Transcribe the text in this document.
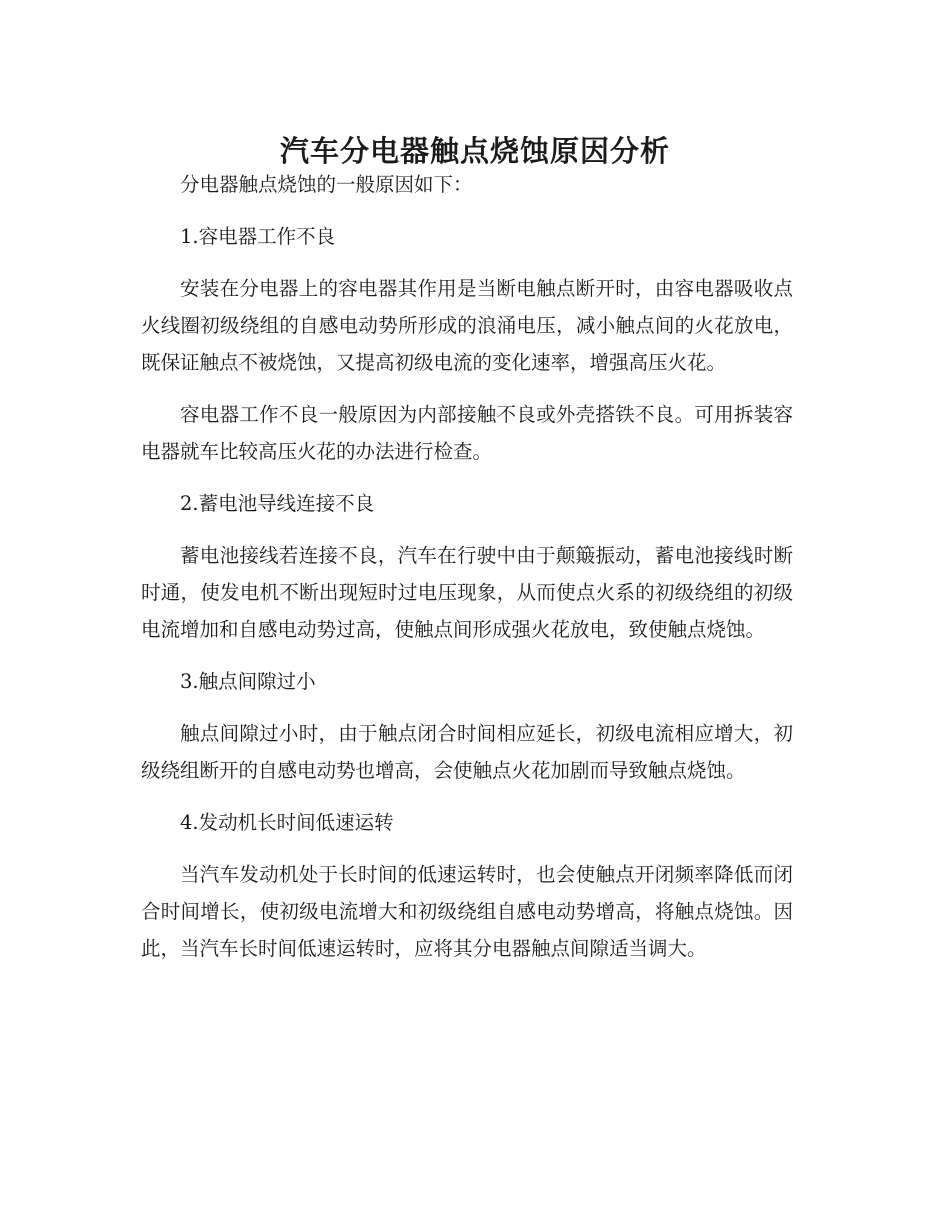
汽车分电器触点烧蚀原因分析

分电器触点烧蚀的一般原因如下：

1.容电器工作不良

安装在分电器上的容电器其作用是当断电触点断开时，由容电器吸收点火线圈初级绕组的自感电动势所形成的浪涌电压，减小触点间的火花放电，既保证触点不被烧蚀，又提高初级电流的变化速率，增强高压火花。

容电器工作不良一般原因为内部接触不良或外壳搭铁不良。可用拆装容电器就车比较高压火花的办法进行检查。

2.蓄电池导线连接不良

蓄电池接线若连接不良，汽车在行驶中由于颠簸振动，蓄电池接线时断时通，使发电机不断出现短时过电压现象，从而使点火系的初级绕组的初级电流增加和自感电动势过高，使触点间形成强火花放电，致使触点烧蚀。

3.触点间隙过小

触点间隙过小时，由于触点闭合时间相应延长，初级电流相应增大，初级绕组断开的自感电动势也增高，会使触点火花加剧而导致触点烧蚀。

4.发动机长时间低速运转

当汽车发动机处于长时间的低速运转时，也会使触点开闭频率降低而闭合时间增长，使初级电流增大和初级绕组自感电动势增高，将触点烧蚀。因此，当汽车长时间低速运转时，应将其分电器触点间隙适当调大。
